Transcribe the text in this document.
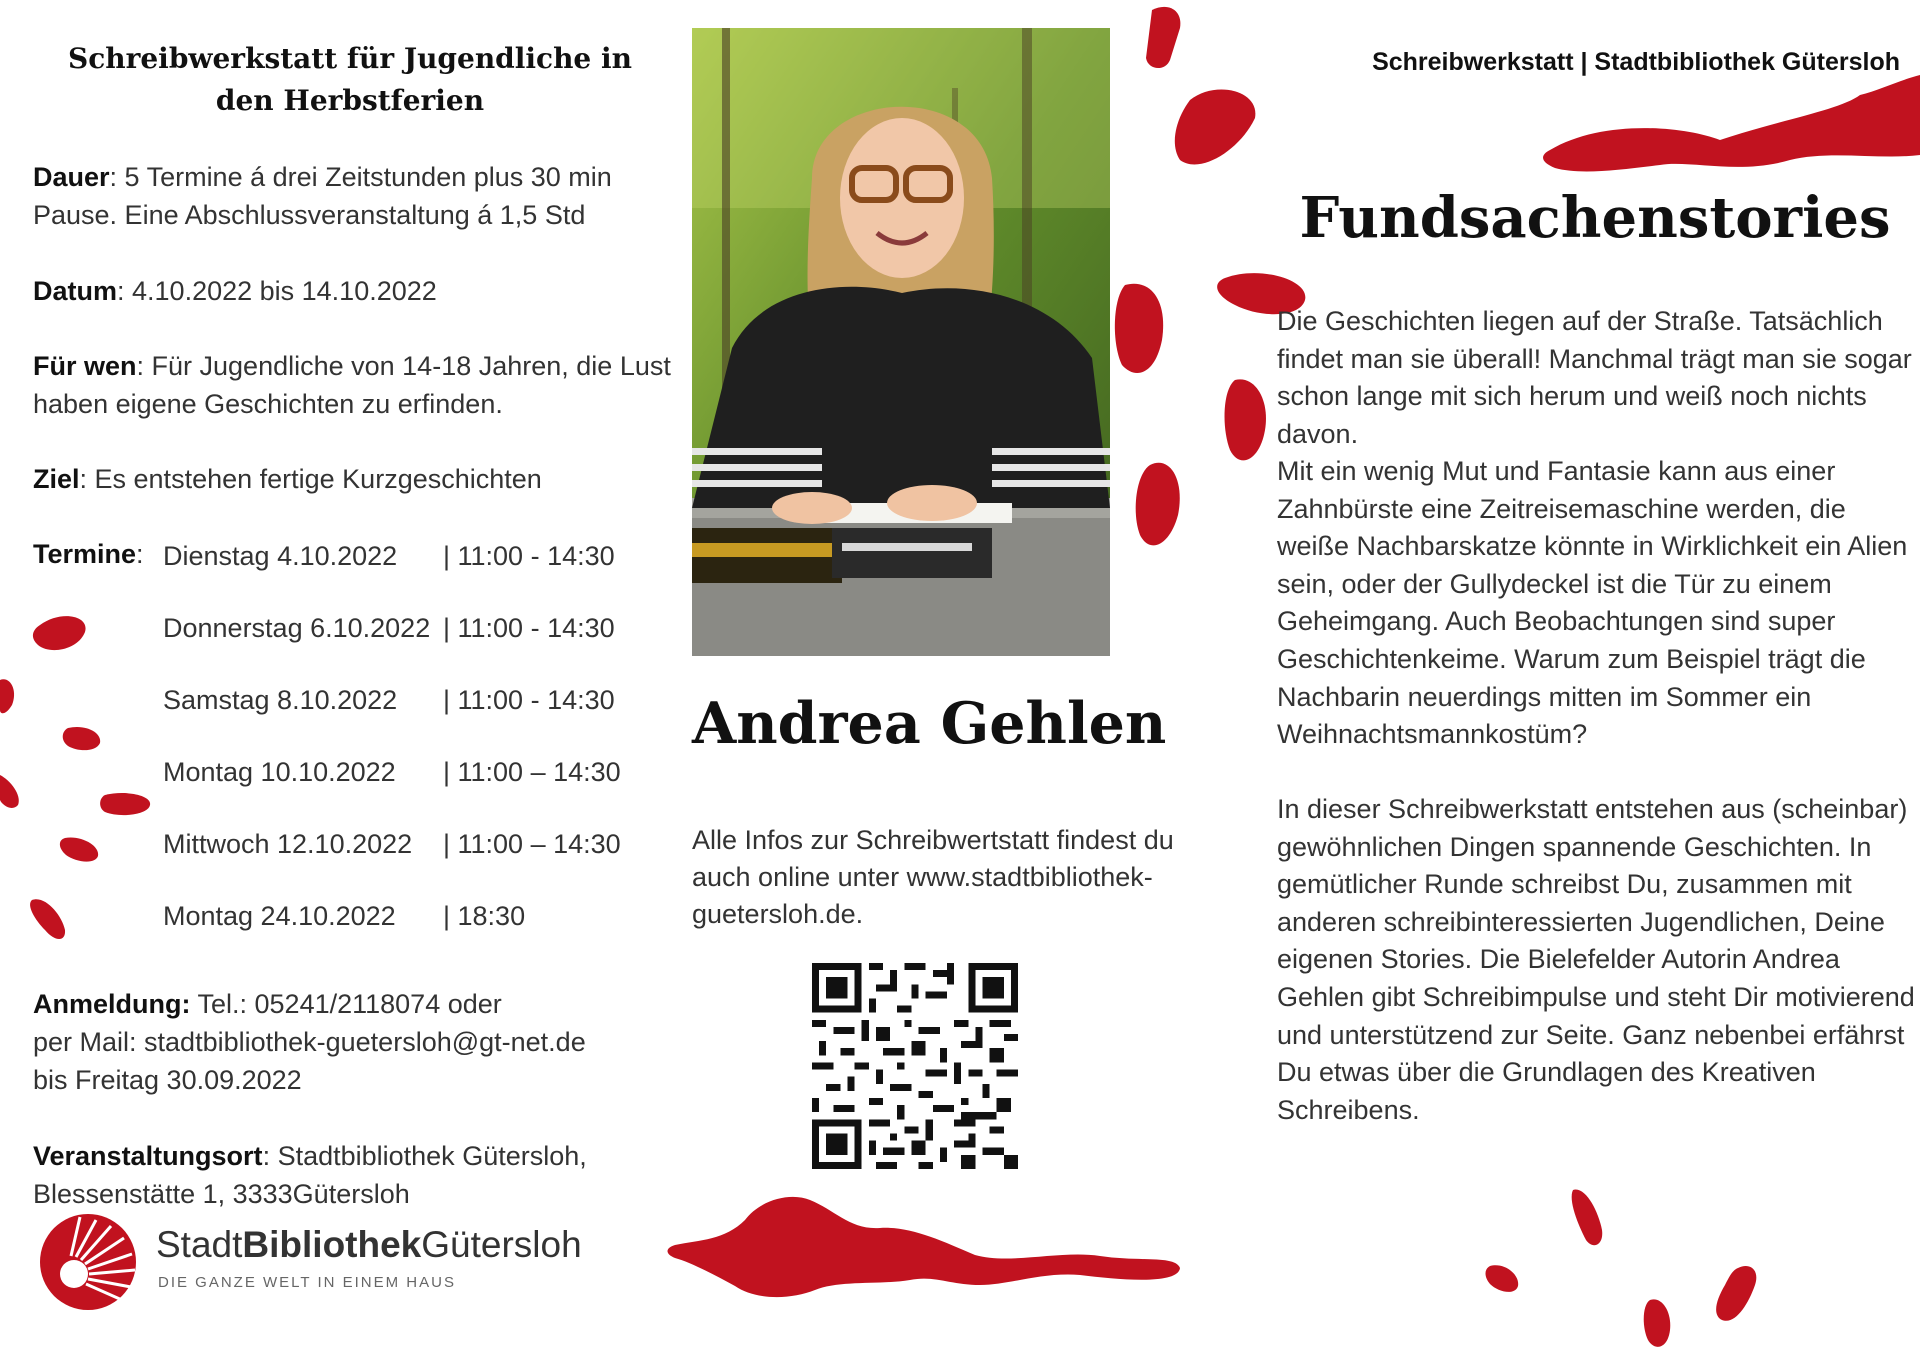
Schreibwerkstatt für Jugendliche in den Herbstferien
Dauer: 5 Termine á drei Zeitstunden plus 30 min Pause. Eine Abschlussveranstaltung á 1,5 Std
Datum: 4.10.2022 bis 14.10.2022
Für wen: Für Jugendliche von 14-18 Jahren, die Lust haben eigene Geschichten zu erfinden.
Ziel: Es entstehen fertige Kurzgeschichten
Termine: Dienstag 4.10.2022 | 11:00 - 14:30
Donnerstag 6.10.2022 | 11:00 - 14:30
Samstag 8.10.2022 | 11:00 - 14:30
Montag 10.10.2022 | 11:00 – 14:30
Mittwoch 12.10.2022 | 11:00 – 14:30
Montag 24.10.2022 | 18:30
Anmeldung: Tel.: 05241/2118074 oder
per Mail: stadtbibliothek-guetersloh@gt-net.de
bis Freitag 30.09.2022
Veranstaltungsort: Stadtbibliothek Gütersloh, Blessenstätte 1, 3333Gütersloh
StadtBibliothekGütersloh
DIE GANZE WELT IN EINEM HAUS
Andrea Gehlen
Alle Infos zur Schreibwertstatt findest du auch online unter www.stadtbibliothek-guetersloh.de.
Schreibwerkstatt | Stadtbibliothek Gütersloh
Fundsachenstories
Die Geschichten liegen auf der Straße. Tatsächlich findet man sie überall! Manchmal trägt man sie sogar schon lange mit sich herum und weiß noch nichts davon.
Mit ein wenig Mut und Fantasie kann aus einer Zahnbürste eine Zeitreisemaschine werden, die weiße Nachbarskatze könnte in Wirklichkeit ein Alien sein, oder der Gullydeckel ist die Tür zu einem Geheimgang. Auch Beobachtungen sind super Geschichtenkeime. Warum zum Beispiel trägt die Nachbarin neuerdings mitten im Sommer ein Weihnachtsmannkostüm?
In dieser Schreibwerkstatt entstehen aus (scheinbar) gewöhnlichen Dingen spannende Geschichten. In gemütlicher Runde schreibst Du, zusammen mit anderen schreibinteressierten Jugendlichen, Deine eigenen Stories. Die Bielefelder Autorin Andrea Gehlen gibt Schreibimpulse und steht Dir motivierend und unterstützend zur Seite. Ganz nebenbei erfährst Du etwas über die Grundlagen des Kreativen Schreibens.
